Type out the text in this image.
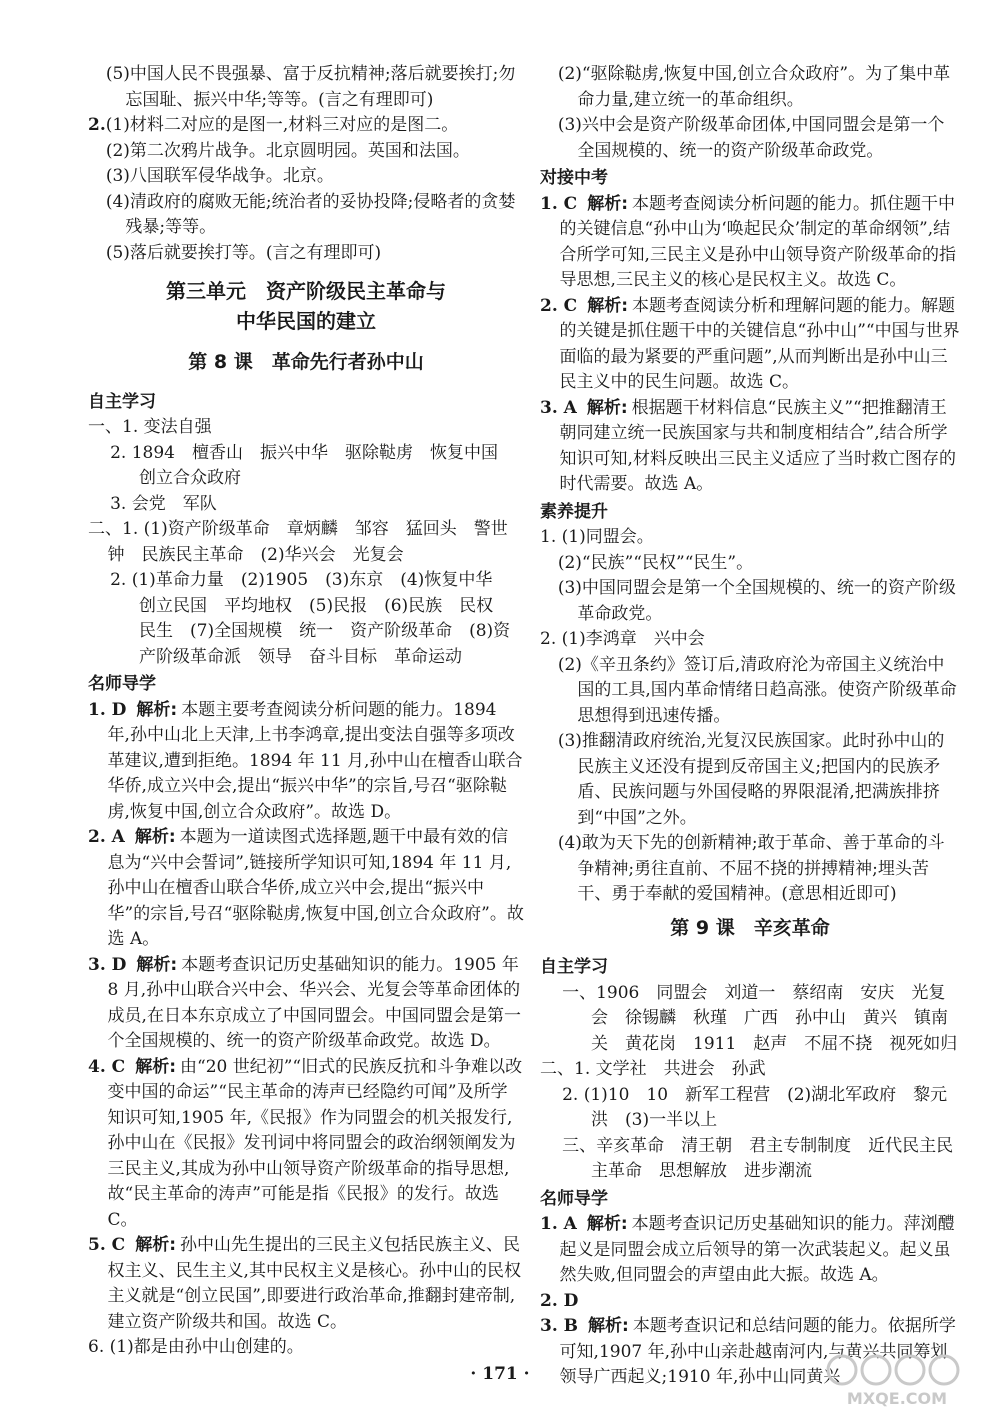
(5)中国人民不畏强暴、富于反抗精神;落后就要挨打;勿忘国耻、振兴中华;等等。(言之有理即可)

2.(1)材料二对应的是图一,材料三对应的是图二。

(2)第二次鸦片战争。北京圆明园。英国和法国。

(3)八国联军侵华战争。北京。

(4)清政府的腐败无能;统治者的妥协投降;侵略者的贪婪残暴;等等。

(5)落后就要挨打等。(言之有理即可)

第三单元　资产阶级民主革命与
中华民国的建立
第 8 课　革命先行者孙中山
自主学习

一、1. 变法自强

2. 1894　檀香山　振兴中华　驱除鞑虏　恢复中国　创立合众政府

3. 会党　军队

二、1. (1)资产阶级革命　章炳麟　邹容　猛回头　警世钟　民族民主革命　(2)华兴会　光复会

2. (1)革命力量　(2)1905　(3)东京　(4)恢复中华　创立民国　平均地权　(5)民报　(6)民族　民权　民生　(7)全国规模　统一　资产阶级革命　(8)资产阶级革命派　领导　奋斗目标　革命运动

名师导学

1. D 解析: 本题主要考查阅读分析问题的能力。1894 年,孙中山北上天津,上书李鸿章,提出变法自强等多项改革建议,遭到拒绝。1894 年 11 月,孙中山在檀香山联合华侨,成立兴中会,提出“振兴中华”的宗旨,号召“驱除鞑虏,恢复中国,创立合众政府”。故选 D。

2. A 解析: 本题为一道读图式选择题,题干中最有效的信息为“兴中会誓词”,链接所学知识可知,1894 年 11 月,孙中山在檀香山联合华侨,成立兴中会,提出“振兴中华”的宗旨,号召“驱除鞑虏,恢复中国,创立合众政府”。故选 A。

3. D 解析: 本题考查识记历史基础知识的能力。1905 年 8 月,孙中山联合兴中会、华兴会、光复会等革命团体的成员,在日本东京成立了中国同盟会。中国同盟会是第一个全国规模的、统一的资产阶级革命政党。故选 D。

4. C 解析: 由“20 世纪初”“旧式的民族反抗和斗争难以改变中国的命运”“民主革命的涛声已经隐约可闻”及所学知识可知,1905 年,《民报》作为同盟会的机关报发行,孙中山在《民报》发刊词中将同盟会的政治纲领阐发为三民主义,其成为孙中山领导资产阶级革命的指导思想,故“民主革命的涛声”可能是指《民报》的发行。故选 C。

5. C 解析: 孙中山先生提出的三民主义包括民族主义、民权主义、民生主义,其中民权主义是核心。孙中山的民权主义就是“创立民国”,即要进行政治革命,推翻封建帝制,建立资产阶级共和国。故选 C。

6. (1)都是由孙中山创建的。

(2)“驱除鞑虏,恢复中国,创立合众政府”。为了集中革命力量,建立统一的革命组织。

(3)兴中会是资产阶级革命团体,中国同盟会是第一个全国规模的、统一的资产阶级革命政党。

对接中考

1. C 解析: 本题考查阅读分析问题的能力。抓住题干中的关键信息“孙中山为‘唤起民众’制定的革命纲领”,结合所学可知,三民主义是孙中山领导资产阶级革命的指导思想,三民主义的核心是民权主义。故选 C。

2. C 解析: 本题考查阅读分析和理解问题的能力。解题的关键是抓住题干中的关键信息“孙中山”“中国与世界面临的最为紧要的严重问题”,从而判断出是孙中山三民主义中的民生问题。故选 C。

3. A 解析: 根据题干材料信息“民族主义”“把推翻清王朝同建立统一民族国家与共和制度相结合”,结合所学知识可知,材料反映出三民主义适应了当时救亡图存的时代需要。故选 A。

素养提升

1. (1)同盟会。

(2)“民族”“民权”“民生”。

(3)中国同盟会是第一个全国规模的、统一的资产阶级革命政党。

2. (1)李鸿章　兴中会

(2)《辛丑条约》签订后,清政府沦为帝国主义统治中国的工具,国内革命情绪日趋高涨。使资产阶级革命思想得到迅速传播。

(3)推翻清政府统治,光复汉民族国家。此时孙中山的民族主义还没有提到反帝国主义;把国内的民族矛盾、民族问题与外国侵略的界限混淆,把满族排挤到“中国”之外。

(4)敢为天下先的创新精神;敢于革命、善于革命的斗争精神;勇往直前、不屈不挠的拼搏精神;埋头苦干、勇于奉献的爱国精神。(意思相近即可)

第 9 课　辛亥革命
自主学习

一、1906　同盟会　刘道一　蔡绍南　安庆　光复会　徐锡麟　秋瑾　广西　孙中山　黄兴　镇南关　黄花岗　1911　赵声　不屈不挠　视死如归

二、1. 文学社　共进会　孙武

2. (1)10　10　新军工程营　(2)湖北军政府　黎元洪　(3)一半以上

三、辛亥革命　清王朝　君主专制制度　近代民主民主革命　思想解放　进步潮流

名师导学

1. A 解析: 本题考查识记历史基础知识的能力。萍浏醴起义是同盟会成立后领导的第一次武装起义。起义虽然失败,但同盟会的声望由此大振。故选 A。

2. D

3. B 解析: 本题考查识记和总结问题的能力。依据所学可知,1907 年,孙中山亲赴越南河内,与黄兴共同筹划领导广西起义;1910 年,孙中山同黄兴

· 171 ·
MXQE.COM
